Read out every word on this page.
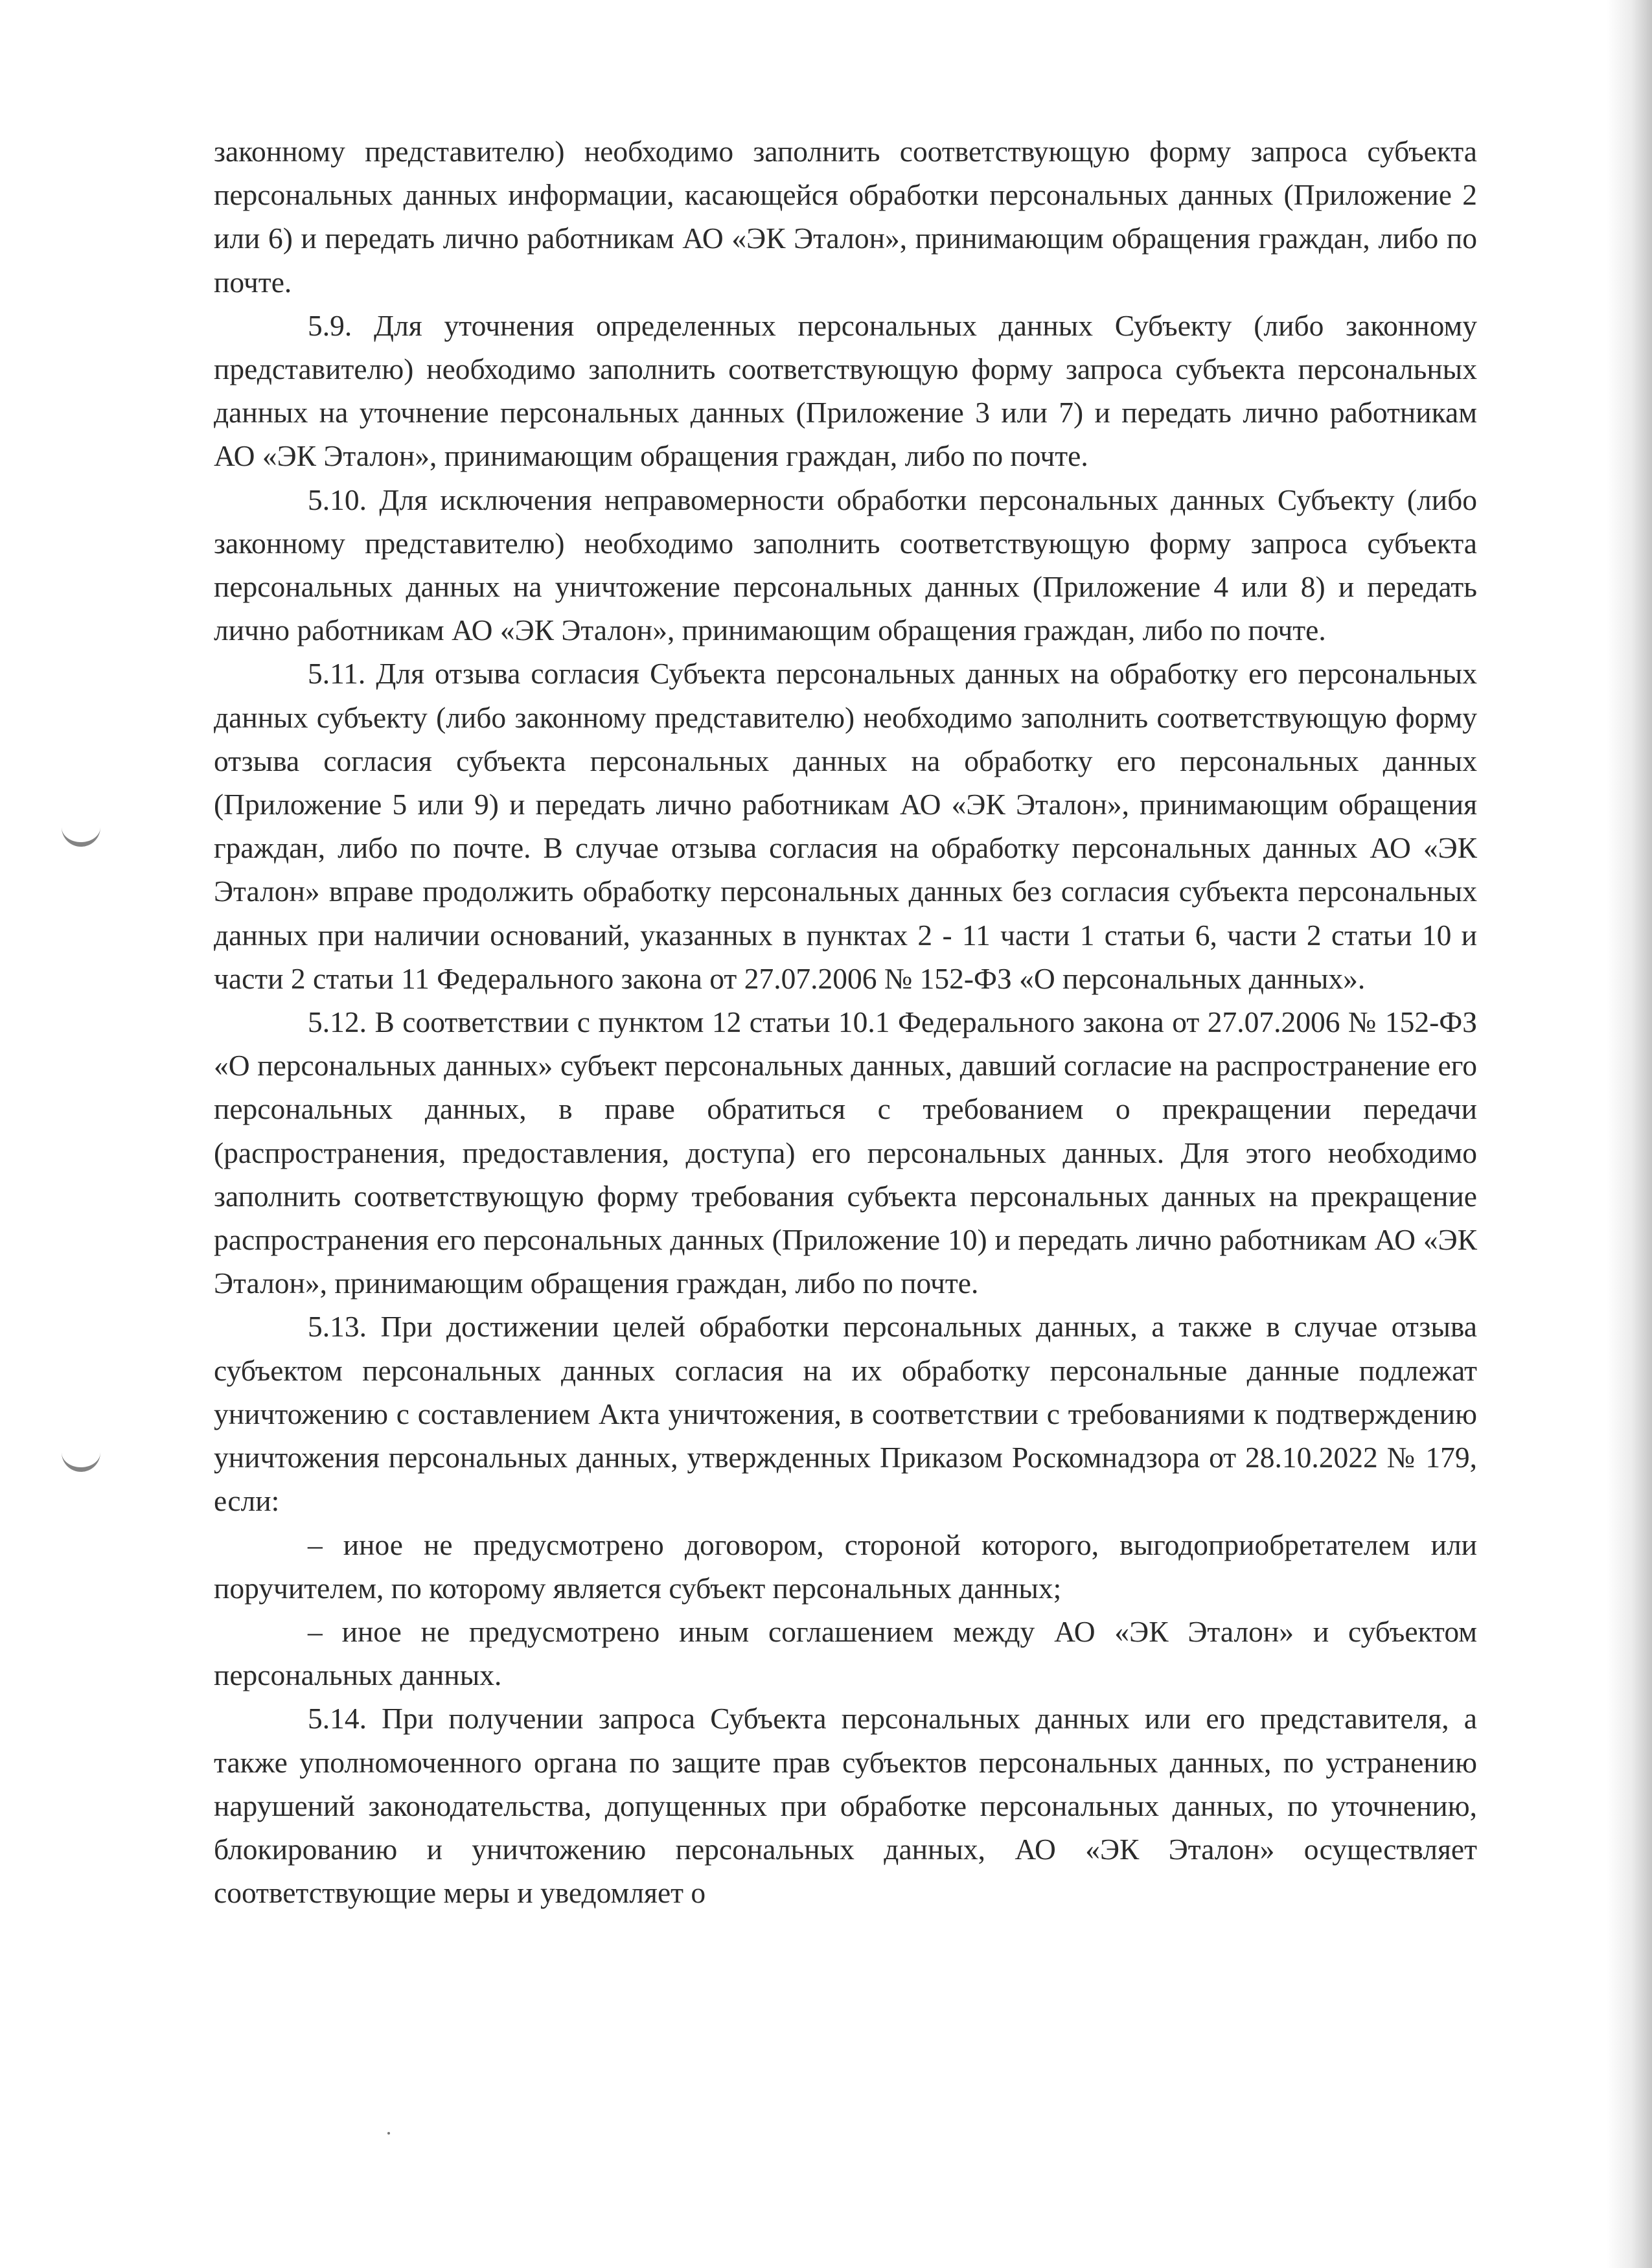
законному представителю) необходимо заполнить соответствующую форму запроса субъекта персональных данных информации, касающейся обработки персональных данных (Приложение 2 или 6) и передать лично работникам АО «ЭК Эталон», принимающим обращения граждан, либо по почте.

5.9. Для уточнения определенных персональных данных Субъекту (либо законному представителю) необходимо заполнить соответствующую форму запроса субъекта персональных данных на уточнение персональных данных (Приложение 3 или 7) и передать лично работникам АО «ЭК Эталон», принимающим обращения граждан, либо по почте.

5.10. Для исключения неправомерности обработки персональных данных Субъекту (либо законному представителю) необходимо заполнить соответствующую форму запроса субъекта персональных данных на уничтожение персональных данных (Приложение 4 или 8) и передать лично работникам АО «ЭК Эталон», принимающим обращения граждан, либо по почте.

5.11. Для отзыва согласия Субъекта персональных данных на обработку его персональных данных субъекту (либо законному представителю) необходимо заполнить соответствующую форму отзыва согласия субъекта персональных данных на обработку его персональных данных (Приложение 5 или 9) и передать лично работникам АО «ЭК Эталон», принимающим обращения граждан, либо по почте. В случае отзыва согласия на обработку персональных данных АО «ЭК Эталон» вправе продолжить обработку персональных данных без согласия субъекта персональных данных при наличии оснований, указанных в пунктах 2 - 11 части 1 статьи 6, части 2 статьи 10 и части 2 статьи 11 Федерального закона от 27.07.2006 № 152-ФЗ «О персональных данных».

5.12. В соответствии с пунктом 12 статьи 10.1 Федерального закона от 27.07.2006 № 152-ФЗ «О персональных данных» субъект персональных данных, давший согласие на распространение его персональных данных, в праве обратиться с требованием о прекращении передачи (распространения, предоставления, доступа) его персональных данных. Для этого необходимо заполнить соответствующую форму требования субъекта персональных данных на прекращение распространения его персональных данных (Приложение 10) и передать лично работникам АО «ЭК Эталон», принимающим обращения граждан, либо по почте.

5.13. При достижении целей обработки персональных данных, а также в случае отзыва субъектом персональных данных согласия на их обработку персональные данные подлежат уничтожению с составлением Акта уничтожения, в соответствии с требованиями к подтверждению уничтожения персональных данных, утвержденных Приказом Роскомнадзора от 28.10.2022 № 179, если:

– иное не предусмотрено договором, стороной которого, выгодоприобретателем или поручителем, по которому является субъект персональных данных;

– иное не предусмотрено иным соглашением между АО «ЭК Эталон» и субъектом персональных данных.

5.14. При получении запроса Субъекта персональных данных или его представителя, а также уполномоченного органа по защите прав субъектов персональных данных, по устранению нарушений законодательства, допущенных при обработке персональных данных, по уточнению, блокированию и уничтожению персональных данных, АО «ЭК Эталон» осуществляет соответствующие меры и уведомляет о
